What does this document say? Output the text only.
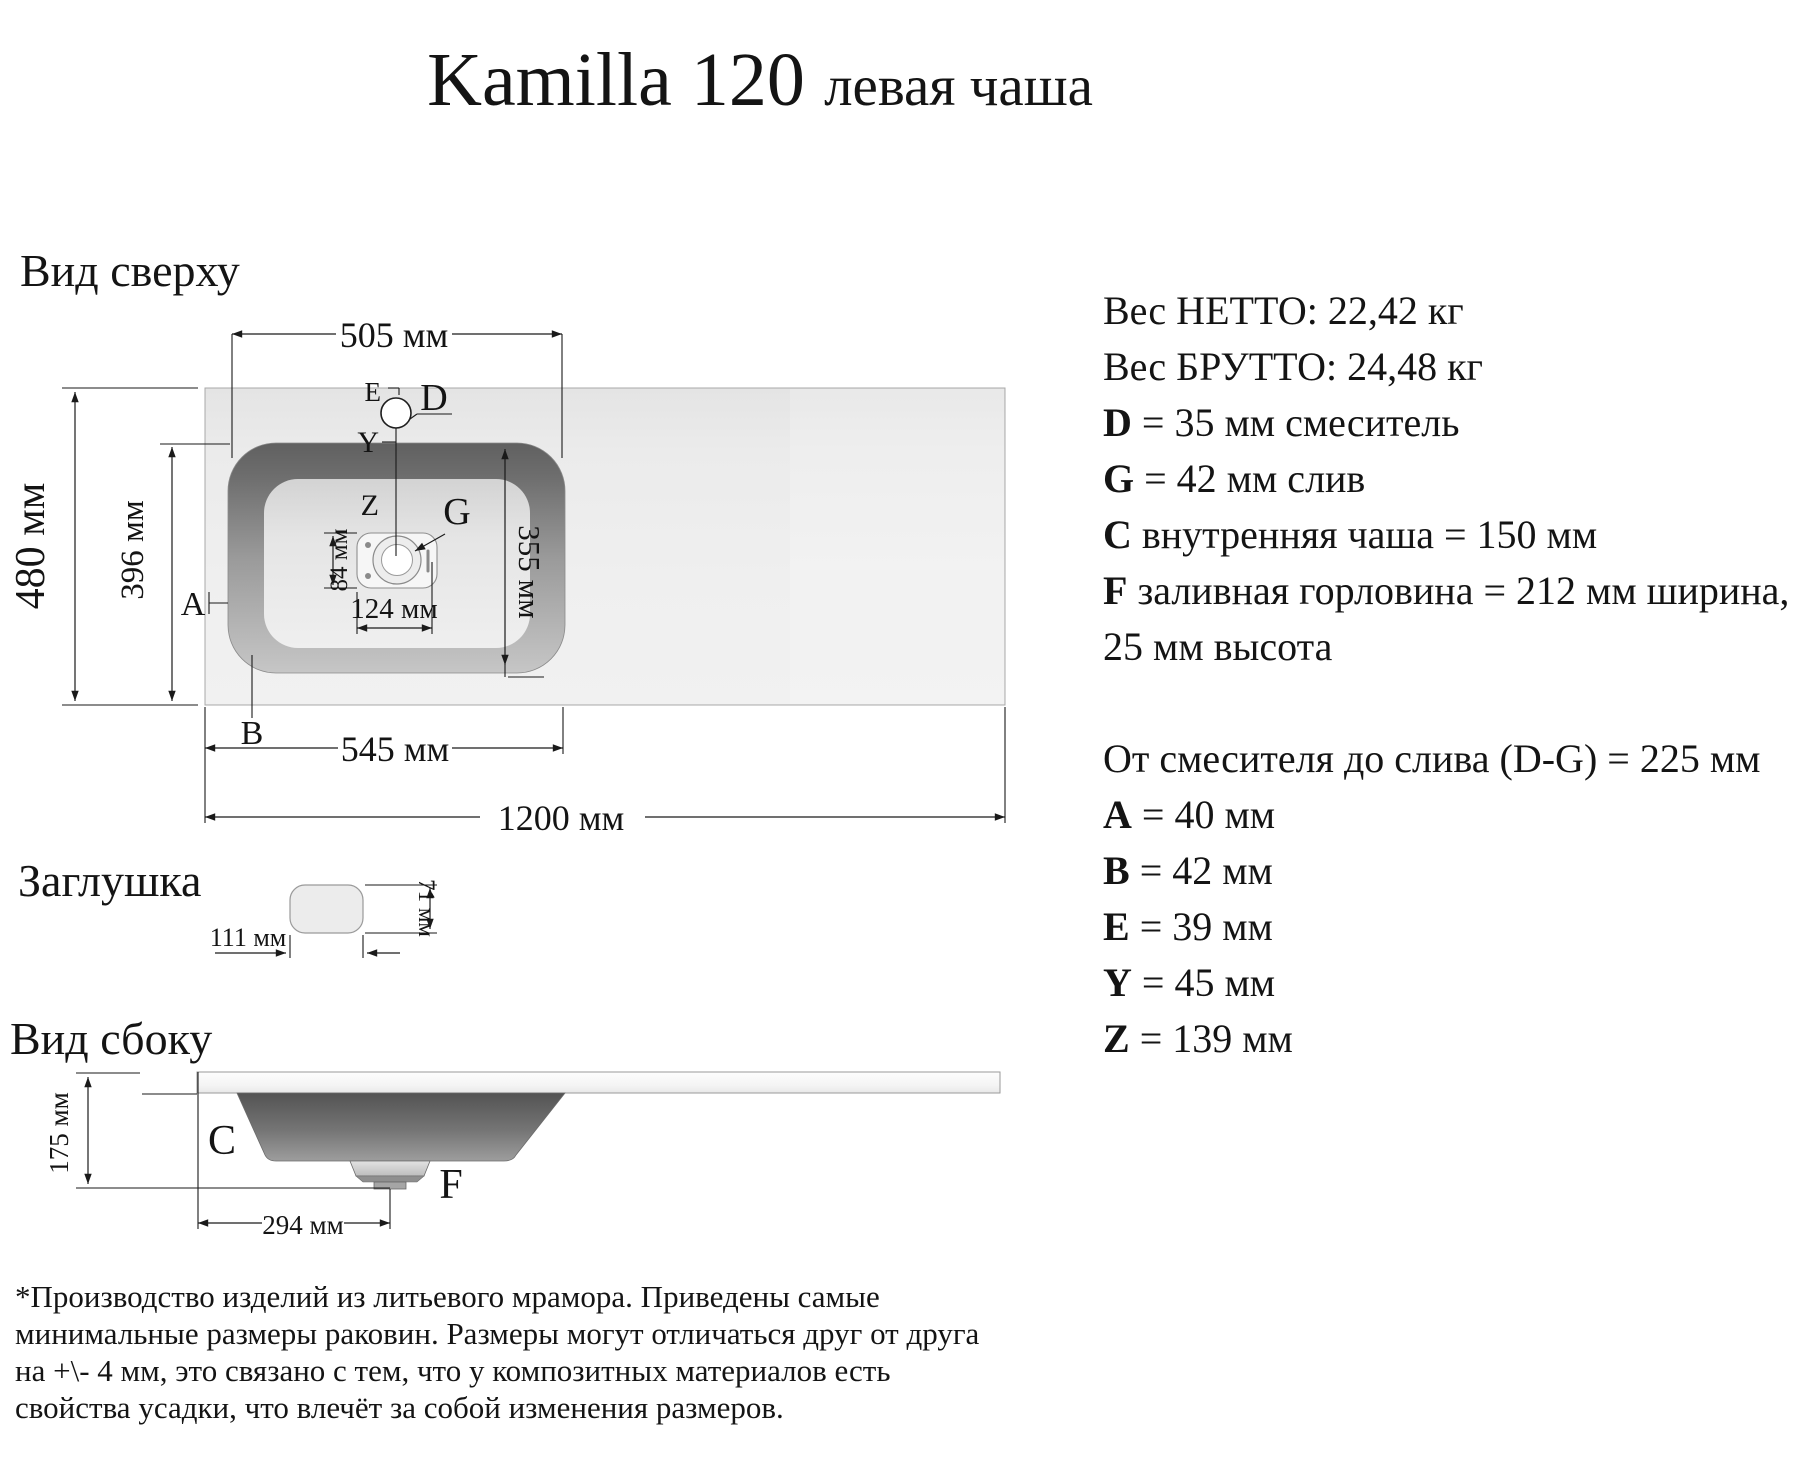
505 мм
480 мм 396 мм
A
B
355 мм
84 мм
124 мм
545 мм
1200 мм
E D
Y
Z G
111 мм
71 мм
175 мм	C
F
294 мм
Kamilla 120  левая чаша
Вид сверху
Заглушка
Вид сбоку
Вес НЕТТО: 22,42 кг
Вес БРУТТО: 24,48 кг
D = 35 мм смеситель
G = 42 мм слив
C внутренняя чаша = 150 мм
F заливная горловина = 212 мм ширина,
25 мм высота
От смесителя до слива (D-G) = 225 мм
A = 40 мм
B = 42 мм
E = 39 мм
Y = 45 мм
Z = 139 мм
*Производство изделий из литьевого мрамора. Приведены самые
минимальные размеры раковин. Размеры могут отличаться друг от друга
на +\- 4 мм, это связано с тем, что у композитных материалов есть
свойства усадки, что влечёт за собой изменения размеров.
